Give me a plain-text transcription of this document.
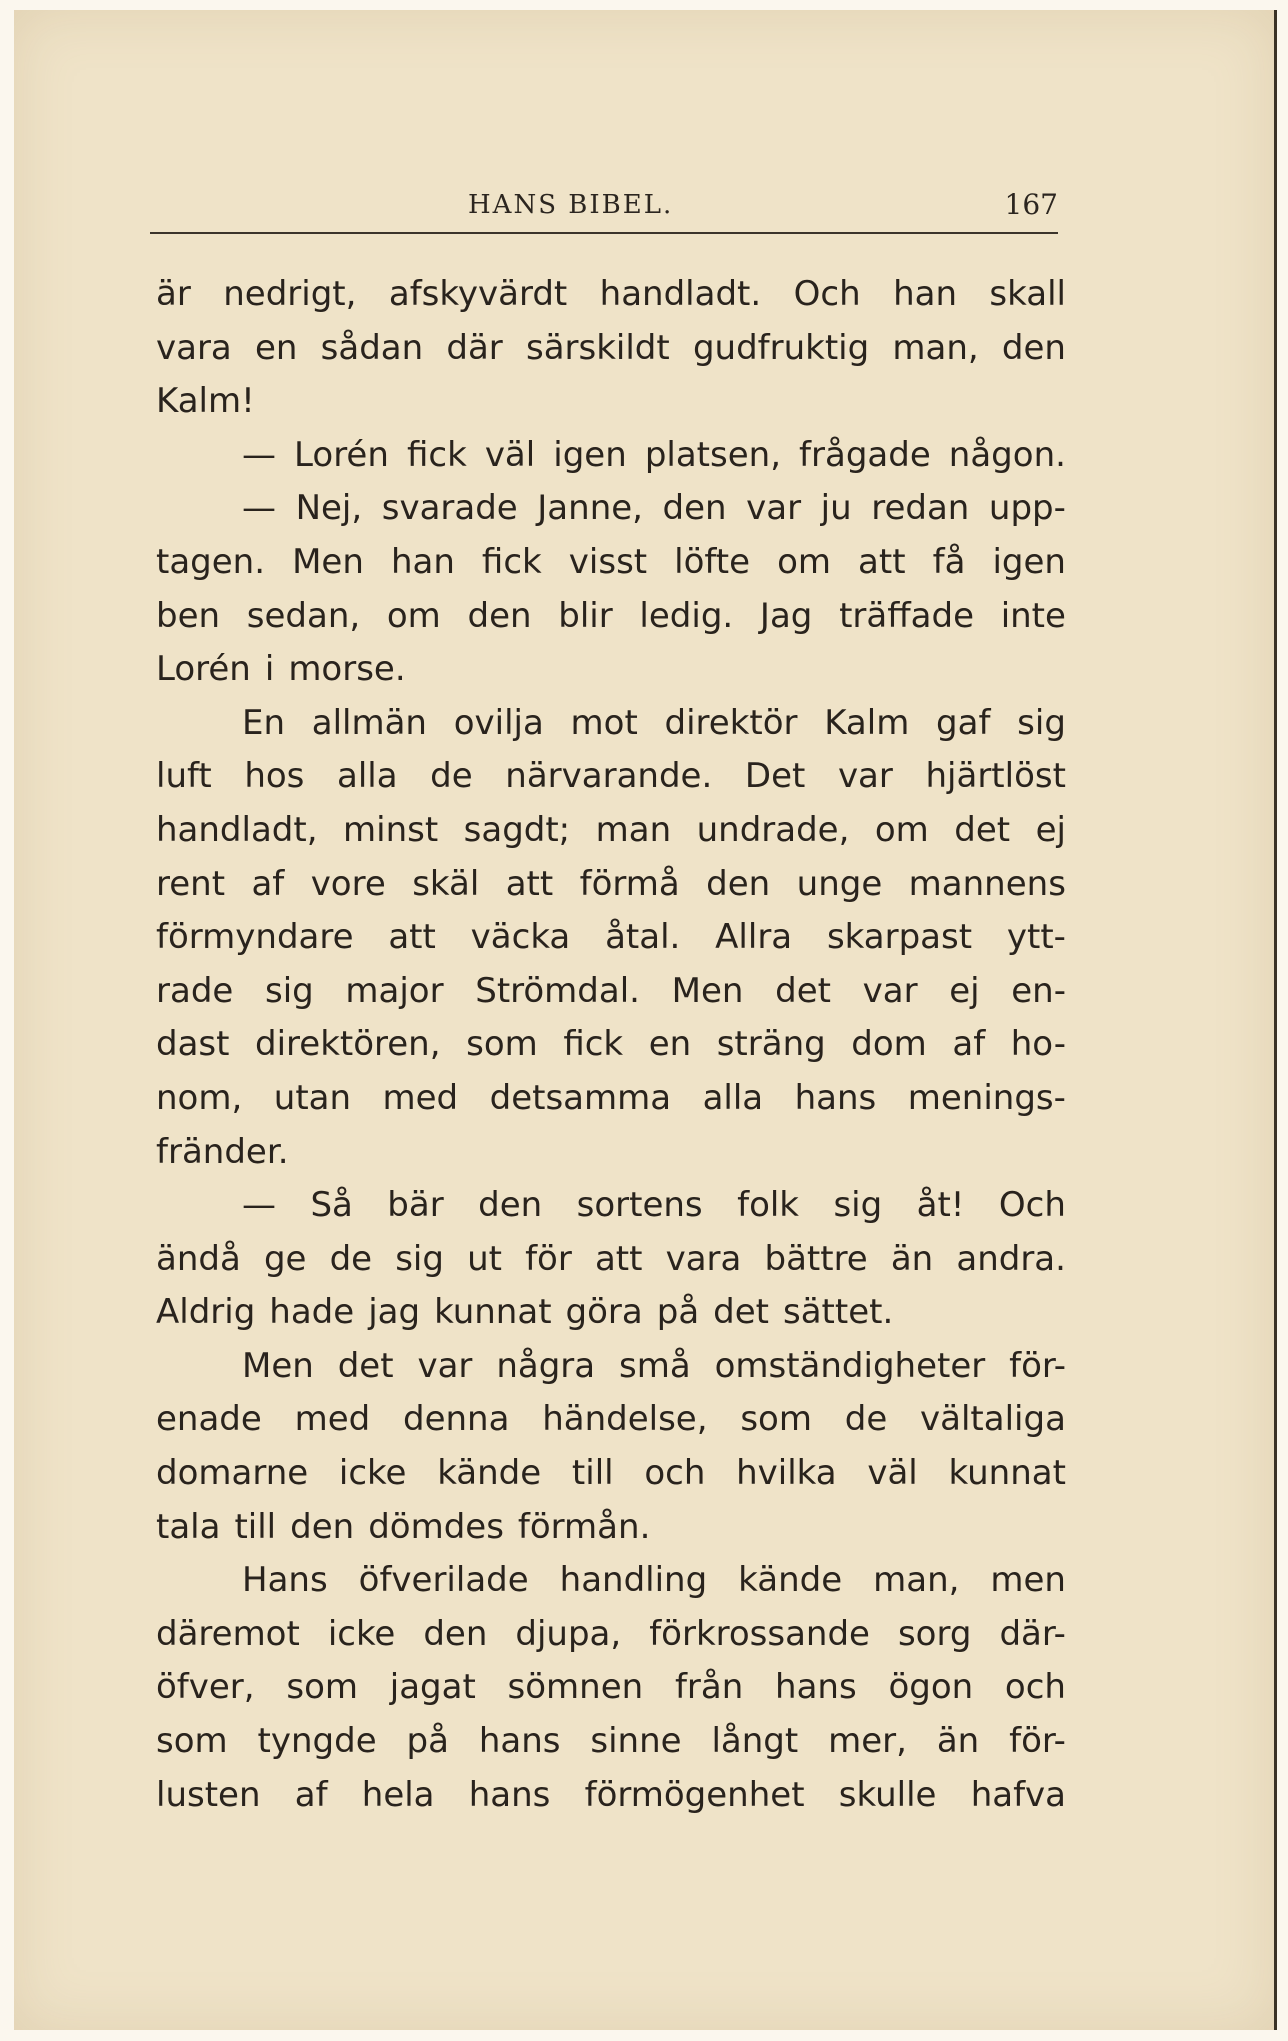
HANS BIBEL.	167
är nedrigt, afskyvärdt handladt. Och han skall
vara en sådan där särskildt gudfruktig man, den
Kalm!
— Lorén fick väl igen platsen, frågade någon.
— Nej, svarade Janne, den var ju redan upp-
tagen. Men han fick visst löfte om att få igen
ben sedan, om den blir ledig. Jag träffade inte
Lorén i morse.
En allmän ovilja mot direktör Kalm gaf sig
luft hos alla de närvarande. Det var hjärtlöst
handladt, minst sagdt; man undrade, om det ej
rent af vore skäl att förmå den unge mannens
förmyndare att väcka åtal. Allra skarpast ytt-
rade sig major Strömdal. Men det var ej en-
dast direktören, som fick en sträng dom af ho-
nom, utan med detsamma alla hans menings-
fränder.
— Så bär den sortens folk sig åt! Och
ändå ge de sig ut för att vara bättre än andra.
Aldrig hade jag kunnat göra på det sättet.
Men det var några små omständigheter för-
enade med denna händelse, som de vältaliga
domarne icke kände till och hvilka väl kunnat
tala till den dömdes förmån.
Hans öfverilade handling kände man, men
däremot icke den djupa, förkrossande sorg där-
öfver, som jagat sömnen från hans ögon och
som tyngde på hans sinne långt mer, än för-
lusten af hela hans förmögenhet skulle hafva
